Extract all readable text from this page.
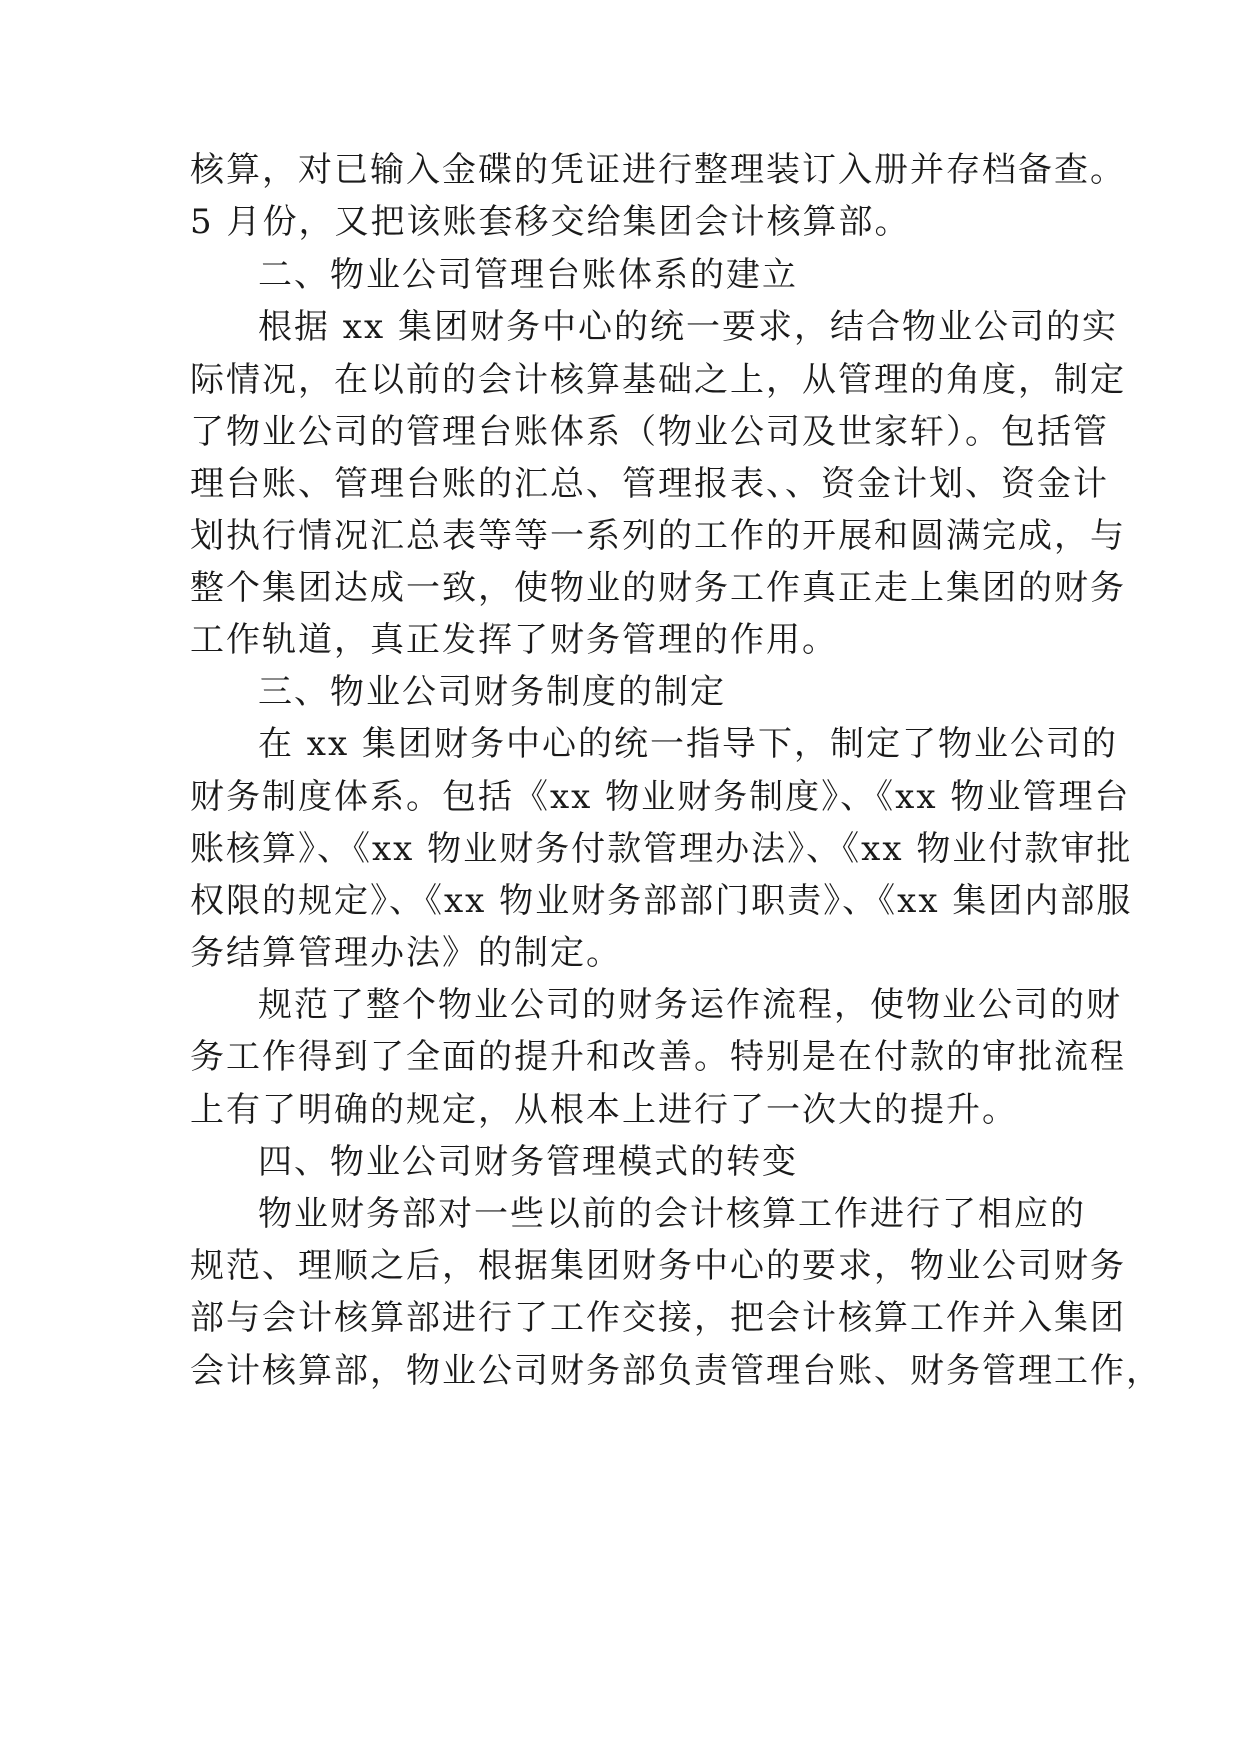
核算，对已输入金碟的凭证进行整理装订入册并存档备查。

5 月份，又把该账套移交给集团会计核算部。

二、物业公司管理台账体系的建立

根据 xx 集团财务中心的统一要求，结合物业公司的实

际情况，在以前的会计核算基础之上，从管理的角度，制定

了物业公司的管理台账体系（物业公司及世家轩）。包括管

理台账、管理台账的汇总、管理报表、、资金计划、资金计

划执行情况汇总表等等一系列的工作的开展和圆满完成，与

整个集团达成一致，使物业的财务工作真正走上集团的财务

工作轨道，真正发挥了财务管理的作用。

三、物业公司财务制度的制定

在 xx 集团财务中心的统一指导下，制定了物业公司的

财务制度体系。包括《xx 物业财务制度》、《xx 物业管理台

账核算》、《xx 物业财务付款管理办法》、《xx 物业付款审批

权限的规定》、《xx 物业财务部部门职责》、《xx 集团内部服

务结算管理办法》的制定。

规范了整个物业公司的财务运作流程，使物业公司的财

务工作得到了全面的提升和改善。特别是在付款的审批流程

上有了明确的规定，从根本上进行了一次大的提升。

四、物业公司财务管理模式的转变

物业财务部对一些以前的会计核算工作进行了相应的

规范、理顺之后，根据集团财务中心的要求，物业公司财务

部与会计核算部进行了工作交接，把会计核算工作并入集团

会计核算部，物业公司财务部负责管理台账、财务管理工作，
